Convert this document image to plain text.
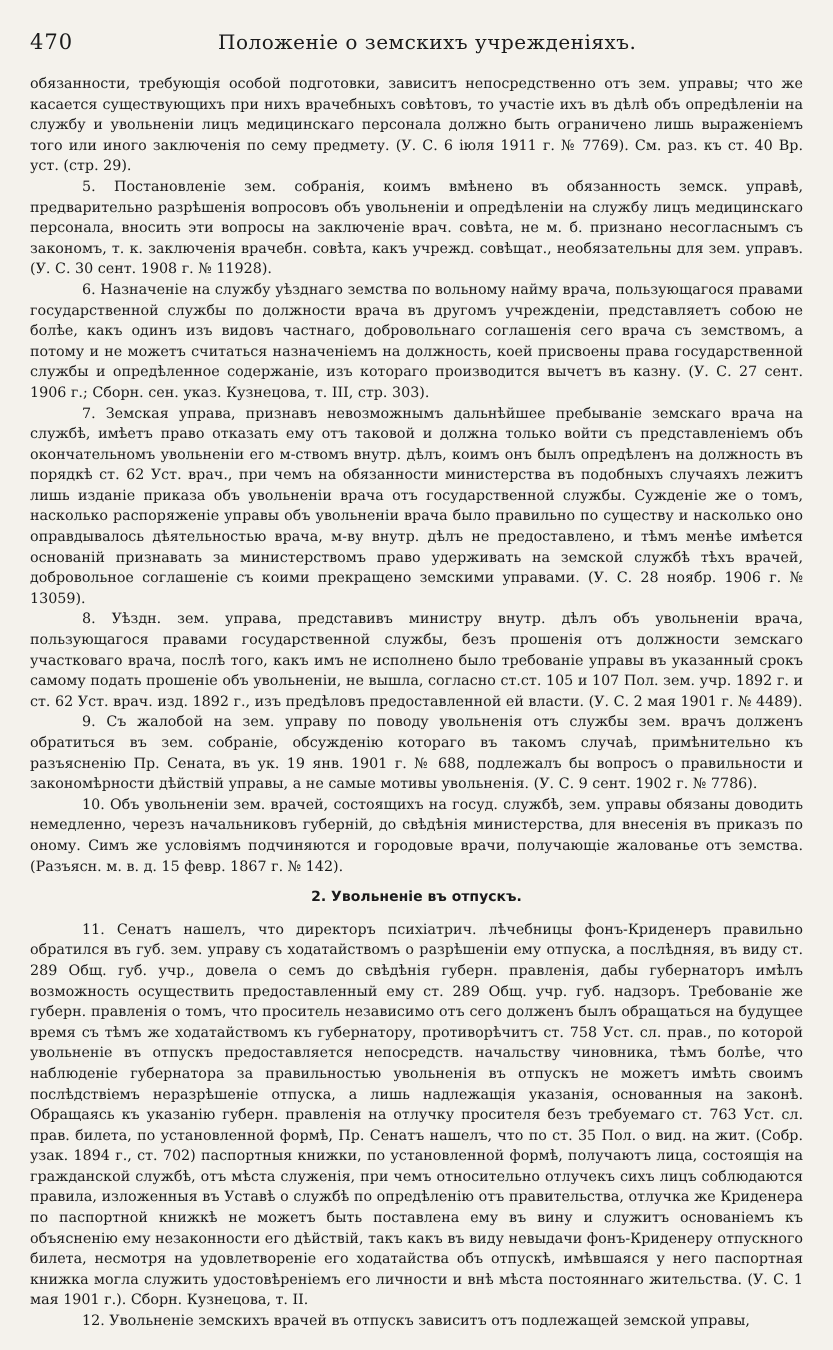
470	Положеніе о земскихъ учрежденіяхъ.

обязанности, требующія особой подготовки, зависитъ непосредственно отъ зем. управы; что же касается существующихъ при нихъ врачебныхъ совѣтовъ, то участіе ихъ въ дѣлѣ объ опредѣленіи на службу и увольненіи лицъ медицинскаго персонала должно быть ограничено лишь выраженіемъ того или иного заключенія по сему предмету. (У. С. 6 іюля 1911 г. № 7769). См. раз. къ ст. 40 Вр. уст. (стр. 29).

5. Постановленіе зем. собранія, коимъ вмѣнено въ обязанность земск. управѣ, предварительно разрѣшенія вопросовъ объ увольненіи и опредѣленіи на службу лицъ медицинскаго персонала, вносить эти вопросы на заключеніе врач. совѣта, не м. б. признано несогласнымъ съ закономъ, т. к. заключенія врачебн. совѣта, какъ учрежд. совѣщат., необязательны для зем. управъ. (У. С. 30 сент. 1908 г. № 11928).

6. Назначеніе на службу уѣзднаго земства по вольному найму врача, пользующагося правами государственной службы по должности врача въ другомъ учрежденіи, представляетъ собою не болѣе, какъ одинъ изъ видовъ частнаго, добровольнаго соглашенія сего врача съ земствомъ, а потому и не можетъ считаться назначеніемъ на должность, коей присвоены права государственной службы и опредѣленное содержаніе, изъ котораго производится вычетъ въ казну. (У. С. 27 сент. 1906 г.; Сборн. сен. указ. Кузнецова, т. III, стр. 303).

7. Земская управа, признавъ невозможнымъ дальнѣйшее пребываніе земскаго врача на службѣ, имѣетъ право отказать ему отъ таковой и должна только войти съ представленіемъ объ окончательномъ увольненіи его м-ствомъ внутр. дѣлъ, коимъ онъ былъ опредѣленъ на должность въ порядкѣ ст. 62 Уст. врач., при чемъ на обязанности министерства въ подобныхъ случаяхъ лежитъ лишь изданіе приказа объ увольненіи врача отъ государственной службы. Сужденіе же о томъ, насколько распоряженіе управы объ увольненіи врача было правильно по существу и насколько оно оправдывалось дѣятельностью врача, м-ву внутр. дѣлъ не предоставлено, и тѣмъ менѣе имѣется основаній признавать за министерствомъ право удерживать на земской службѣ тѣхъ врачей, добровольное соглашеніе съ коими прекращено земскими управами. (У. С. 28 ноябр. 1906 г. № 13059).

8. Уѣздн. зем. управа, представивъ министру внутр. дѣлъ объ увольненіи врача, пользующагося правами государственной службы, безъ прошенія отъ должности земскаго участковаго врача, послѣ того, какъ имъ не исполнено было требованіе управы въ указанный срокъ самому подать прошеніе объ увольненіи, не вышла, согласно ст.ст. 105 и 107 Пол. зем. учр. 1892 г. и ст. 62 Уст. врач. изд. 1892 г., изъ предѣловъ предоставленной ей власти. (У. С. 2 мая 1901 г. № 4489).

9. Съ жалобой на зем. управу по поводу увольненія отъ службы зем. врачъ долженъ обратиться въ зем. собраніе, обсужденію котораго въ такомъ случаѣ, примѣнительно къ разъясненію Пр. Сената, въ ук. 19 янв. 1901 г. № 688, подлежалъ бы вопросъ о правильности и закономѣрности дѣйствій управы, а не самые мотивы увольненія. (У. С. 9 сент. 1902 г. № 7786).

10. Объ увольненіи зем. врачей, состоящихъ на госуд. службѣ, зем. управы обязаны доводить немедленно, черезъ начальниковъ губерній, до свѣдѣнія министерства, для внесенія въ приказъ по оному. Симъ же условіямъ подчиняются и городовые врачи, получающіе жалованье отъ земства. (Разъясн. м. в. д. 15 февр. 1867 г. № 142).

2. Увольненіе въ отпускъ.

11. Сенатъ нашелъ, что директоръ психіатрич. лѣчебницы фонъ-Криденеръ правильно обратился въ губ. зем. управу съ ходатайствомъ о разрѣшеніи ему отпуска, а послѣдняя, въ виду ст. 289 Общ. губ. учр., довела о семъ до свѣдѣнія губерн. правленія, дабы губернаторъ имѣлъ возможность осуществить предоставленный ему ст. 289 Общ. учр. губ. надзоръ. Требованіе же губерн. правленія о томъ, что проситель независимо отъ сего долженъ былъ обращаться на будущее время съ тѣмъ же ходатайствомъ къ губернатору, противорѣчитъ ст. 758 Уст. сл. прав., по которой увольненіе въ отпускъ предоставляется непосредств. начальству чиновника, тѣмъ болѣе, что наблюденіе губернатора за правильностью увольненія въ отпускъ не можетъ имѣть своимъ послѣдствіемъ неразрѣшеніе отпуска, а лишь надлежащія указанія, основанныя на законѣ. Обращаясь къ указанію губерн. правленія на отлучку просителя безъ требуемаго ст. 763 Уст. сл. прав. билета, по установленной формѣ, Пр. Сенатъ нашелъ, что по ст. 35 Пол. о вид. на жит. (Собр. узак. 1894 г., ст. 702) паспортныя книжки, по установленной формѣ, получаютъ лица, состоящія на гражданской службѣ, отъ мѣста служенія, при чемъ относительно отлучекъ сихъ лицъ соблюдаются правила, изложенныя въ Уставѣ о службѣ по опредѣленію отъ правительства, отлучка же Криденера по паспортной книжкѣ не можетъ быть поставлена ему въ вину и служитъ основаніемъ къ объясненію ему незаконности его дѣйствій, такъ какъ въ виду невыдачи фонъ-Криденеру отпускного билета, несмотря на удовлетвореніе его ходатайства объ отпускѣ, имѣвшаяся у него паспортная книжка могла служить удостовѣреніемъ его личности и внѣ мѣста постояннаго жительства. (У. С. 1 мая 1901 г.). Сборн. Кузнецова, т. II.

12. Увольненіе земскихъ врачей въ отпускъ зависитъ отъ подлежащей земской управы,
